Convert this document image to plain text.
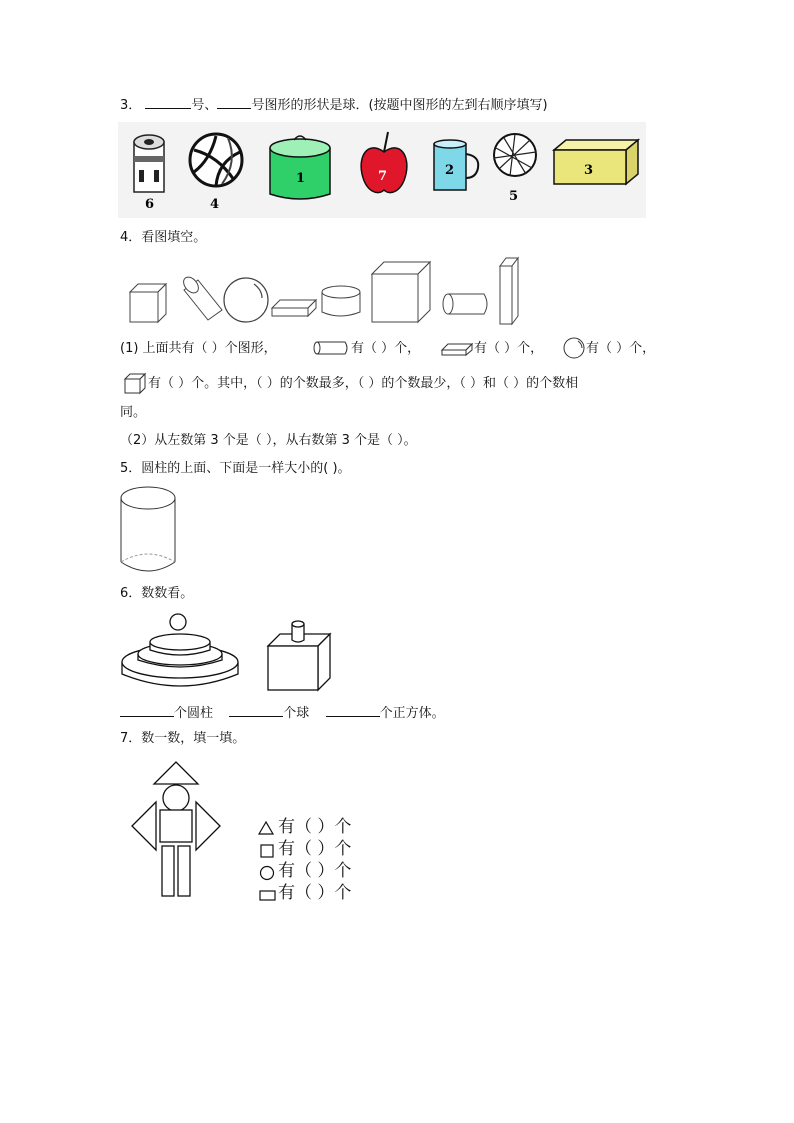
3．	号、	号图形的形状是球．(按题中图形的左到右顺序填写)
6	4
1	7	2
5
3
4．看图填空。
(1) 上面共有（ ）个图形，	有（ ）个，	有（ ）个，	有（ ）个，
有（ ）个。其中，（ ）的个数最多，（ ）的个数最少，（ ）和（ ）的个数相
同。
（2）从左数第 3 个是（ ），从右数第 3 个是（ ）。
5．圆柱的上面、下面是一样大小的( )。
6．数数看。
个圆柱	个球	个正方体。
7．数一数，填一填。
有（ ）个
有（ ）个
有（ ）个
有（ ）个
